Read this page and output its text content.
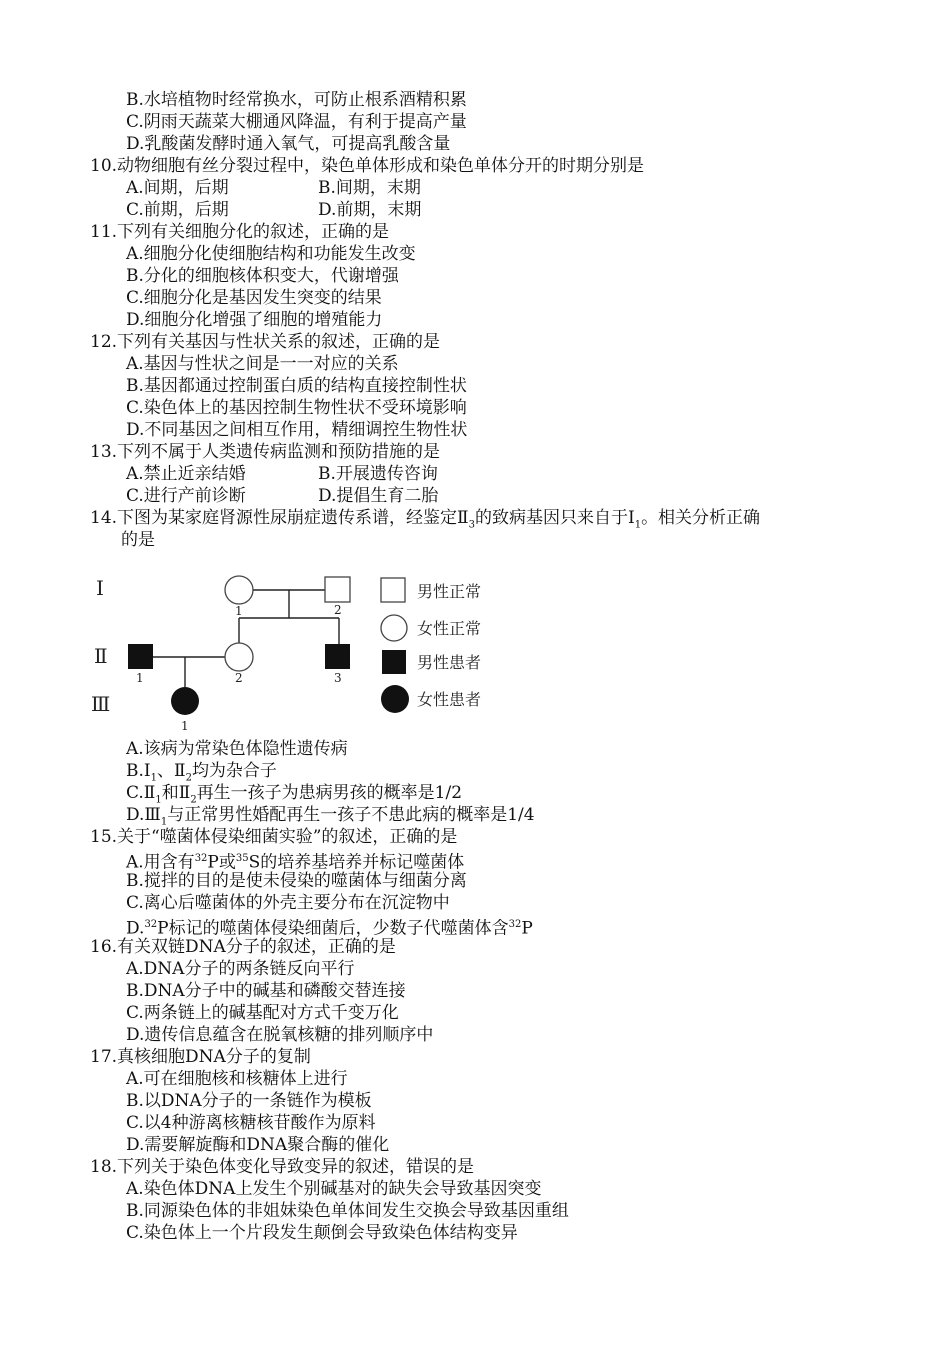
B.水培植物时经常换水，可防止根系酒精积累
C.阴雨天蔬菜大棚通风降温，有利于提高产量
D.乳酸菌发酵时通入氧气，可提高乳酸含量
10.动物细胞有丝分裂过程中，染色单体形成和染色单体分开的时期分别是
A.间期，后期	B.间期，末期
C.前期，后期	D.前期，末期
11.下列有关细胞分化的叙述，正确的是
A.细胞分化使细胞结构和功能发生改变
B.分化的细胞核体积变大，代谢增强
C.细胞分化是基因发生突变的结果
D.细胞分化增强了细胞的增殖能力
12.下列有关基因与性状关系的叙述，正确的是
A.基因与性状之间是一一对应的关系
B.基因都通过控制蛋白质的结构直接控制性状
C.染色体上的基因控制生物性状不受环境影响
D.不同基因之间相互作用，精细调控生物性状
13.下列不属于人类遗传病监测和预防措施的是
A.禁止近亲结婚	B.开展遗传咨询
C.进行产前诊断	D.提倡生育二胎
14.下图为某家庭肾源性尿崩症遗传系谱，经鉴定$Ⅱ_3$的致病基因只来自于$Ⅰ_1$。相关分析正确
的是
Ⅰ
Ⅱ
Ⅲ
1	2
1	2	3
1
男性正常
女性正常
男性患者
女性患者
A.该病为常染色体隐性遗传病
$B.Ⅰ_1$、$Ⅱ_2$均为杂合子
$C.Ⅱ_1$和$Ⅱ_2$再生一孩子为患病男孩的概率是1/2
$D.Ⅲ_1$与正常男性婚配再生一孩子不患此病的概率是1/4
15.关于“噬菌体侵染细菌实验”的叙述，正确的是
A.用含有$^{32}$P或$^{35}$S的培养基培养并标记噬菌体
B.搅拌的目的是使未侵染的噬菌体与细菌分离
C.离心后噬菌体的外壳主要分布在沉淀物中
D.$^{32}$P标记的噬菌体侵染细菌后，少数子代噬菌体含$^{32}$P
16.有关双链DNA分子的叙述，正确的是
A.DNA分子的两条链反向平行
B.DNA分子中的碱基和磷酸交替连接
C.两条链上的碱基配对方式千变万化
D.遗传信息蕴含在脱氧核糖的排列顺序中
17.真核细胞DNA分子的复制
A.可在细胞核和核糖体上进行
B.以DNA分子的一条链作为模板
C.以4种游离核糖核苷酸作为原料
D.需要解旋酶和DNA聚合酶的催化
18.下列关于染色体变化导致变异的叙述，错误的是
A.染色体DNA上发生个别碱基对的缺失会导致基因突变
B.同源染色体的非姐妹染色单体间发生交换会导致基因重组
C.染色体上一个片段发生颠倒会导致染色体结构变异
